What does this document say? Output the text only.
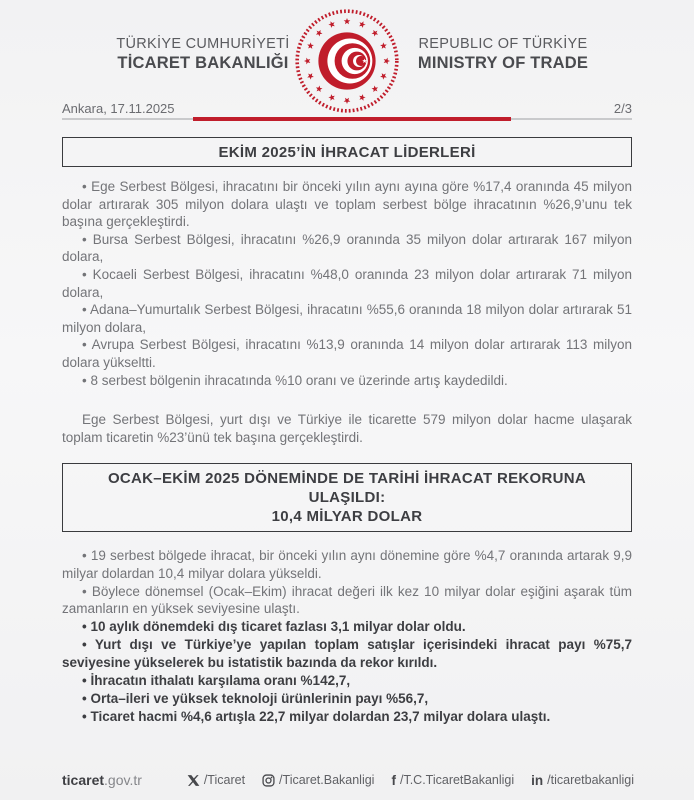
TÜRKİYE CUMHURİYETİ
TİCARET BAKANLIĞI
REPUBLIC OF TÜRKİYE
MINISTRY OF TRADE
Ankara, 17.11.2025	2/3
EKİM 2025’İN İHRACAT LİDERLERİ

• Ege Serbest Bölgesi, ihracatını bir önceki yılın aynı ayına göre %17,4 oranında 45 milyon dolar artırarak 305 milyon dolara ulaştı ve toplam serbest bölge ihracatının %26,9’unu tek başına gerçekleştirdi.

• Bursa Serbest Bölgesi, ihracatını %26,9 oranında 35 milyon dolar artırarak 167 milyon dolara,

• Kocaeli Serbest Bölgesi, ihracatını %48,0 oranında 23 milyon dolar artırarak 71 milyon dolara,

• Adana–Yumurtalık Serbest Bölgesi, ihracatını %55,6 oranında 18 milyon dolar artırarak 51 milyon dolara,

• Avrupa Serbest Bölgesi, ihracatını %13,9 oranında 14 milyon dolar artırarak 113 milyon dolara yükseltti.

• 8 serbest bölgenin ihracatında %10 oranı ve üzerinde artış kaydedildi.

Ege Serbest Bölgesi, yurt dışı ve Türkiye ile ticarette 579 milyon dolar hacme ulaşarak toplam ticaretin %23’ünü tek başına gerçekleştirdi.

OCAK–EKİM 2025 DÖNEMİNDE DE TARİHİ İHRACAT REKORUNA ULAŞILDI:
10,4 MİLYAR DOLAR

• 19 serbest bölgede ihracat, bir önceki yılın aynı dönemine göre %4,7 oranında artarak 9,9 milyar dolardan 10,4 milyar dolara yükseldi.

• Böylece dönemsel (Ocak–Ekim) ihracat değeri ilk kez 10 milyar dolar eşiğini aşarak tüm zamanların en yüksek seviyesine ulaştı.

• 10 aylık dönemdeki dış ticaret fazlası 3,1 milyar dolar oldu.

• Yurt dışı ve Türkiye’ye yapılan toplam satışlar içerisindeki ihracat payı %75,7 seviyesine yükselerek bu istatistik bazında da rekor kırıldı.

• İhracatın ithalatı karşılama oranı %142,7,

• Orta–ileri ve yüksek teknoloji ürünlerinin payı %56,7,

• Ticaret hacmi %4,6 artışla 22,7 milyar dolardan 23,7 milyar dolara ulaştı.

ticaret.gov.tr	/Ticaret	/Ticaret.Bakanligi f /T.C.TicaretBakanligi in /ticaretbakanligi
